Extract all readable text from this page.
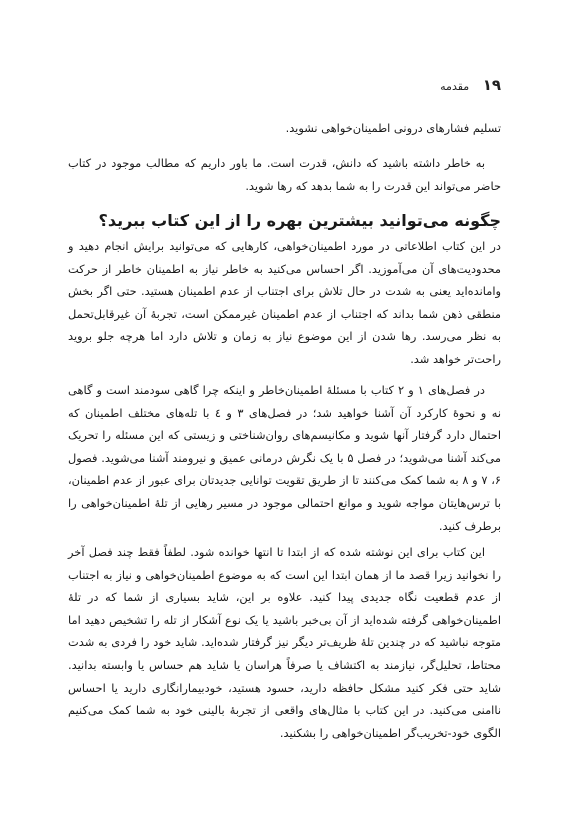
۱۹ مقدمه

تسلیم فشارهای درونی اطمینان‌خواهی نشوید.

به خاطر داشته باشید که دانش، قدرت است. ما باور داریم که مطالب موجود در کتاب حاضر می‌تواند این قدرت را به شما بدهد که رها شوید.

چگونه می‌توانید بیشترین بهره را از این کتاب ببرید؟

در این کتاب اطلاعاتی در مورد اطمینان‌خواهی، کارهایی که می‌توانید برایش انجام دهید و محدودیت‌های آن می‌آموزید. اگر احساس می‌کنید به خاطر نیاز به اطمینان خاطر از حرکت وامانده‌اید یعنی به شدت در حال تلاش برای اجتناب از عدم اطمینان هستید. حتی اگر بخش منطقی ذهن شما بداند که اجتناب از عدم اطمینان غیرممکن است، تجربهٔ آن غیرقابل‌تحمل به نظر می‌رسد. رها شدن از این موضوع نیاز به زمان و تلاش دارد اما هرچه جلو بروید راحت‌تر خواهد شد.

در فصل‌های ۱ و ۲ کتاب با مسئلهٔ اطمینان‌خاطر و اینکه چرا گاهی سودمند است و گاهی نه و نحوهٔ کارکرد آن آشنا خواهید شد؛ در فصل‌های ۳ و ٤ با تله‌های مختلف اطمینان که احتمال دارد گرفتار آنها شوید و مکانیسم‌های روان‌شناختی و زیستی که این مسئله را تحریک می‌کند آشنا می‌شوید؛ در فصل ۵ با یک نگرش درمانی عمیق و نیرومند آشنا می‌شوید. فصول ۶، ۷ و ۸ به شما کمک می‌کنند تا از طریق تقویت توانایی جدیدتان برای عبور از عدم اطمینان، با ترس‌هایتان مواجه شوید و موانع احتمالی موجود در مسیر رهایی از تلهٔ اطمینان‌خواهی را برطرف کنید.

این کتاب برای این نوشته شده که از ابتدا تا انتها خوانده شود. لطفاً فقط چند فصل آخر را نخوانید زیرا قصد ما از همان ابتدا این است که به موضوع اطمینان‌خواهی و نیاز به اجتناب از عدم قطعیت نگاه جدیدی پیدا کنید. علاوه بر این، شاید بسیاری از شما که در تلهٔ اطمینان‌خواهی گرفته شده‌اید از آن بی‌خبر باشید یا یک نوع آشکار از تله را تشخیص دهید اما متوجه نباشید که در چندین تلهٔ ظریف‌تر دیگر نیز گرفتار شده‌اید. شاید خود را فردی به شدت محتاط، تحلیل‌گر، نیازمند به اکتشاف یا صرفاً هراسان یا شاید هم حساس یا وابسته بدانید. شاید حتی فکر کنید مشکل حافظه دارید، حسود هستید، خودبیمارانگاری دارید یا احساس ناامنی می‌کنید. در این کتاب با مثال‌های واقعی از تجربهٔ بالینی خود به شما کمک می‌کنیم الگوی خود-تخریب‌گر اطمینان‌خواهی را بشکنید.
